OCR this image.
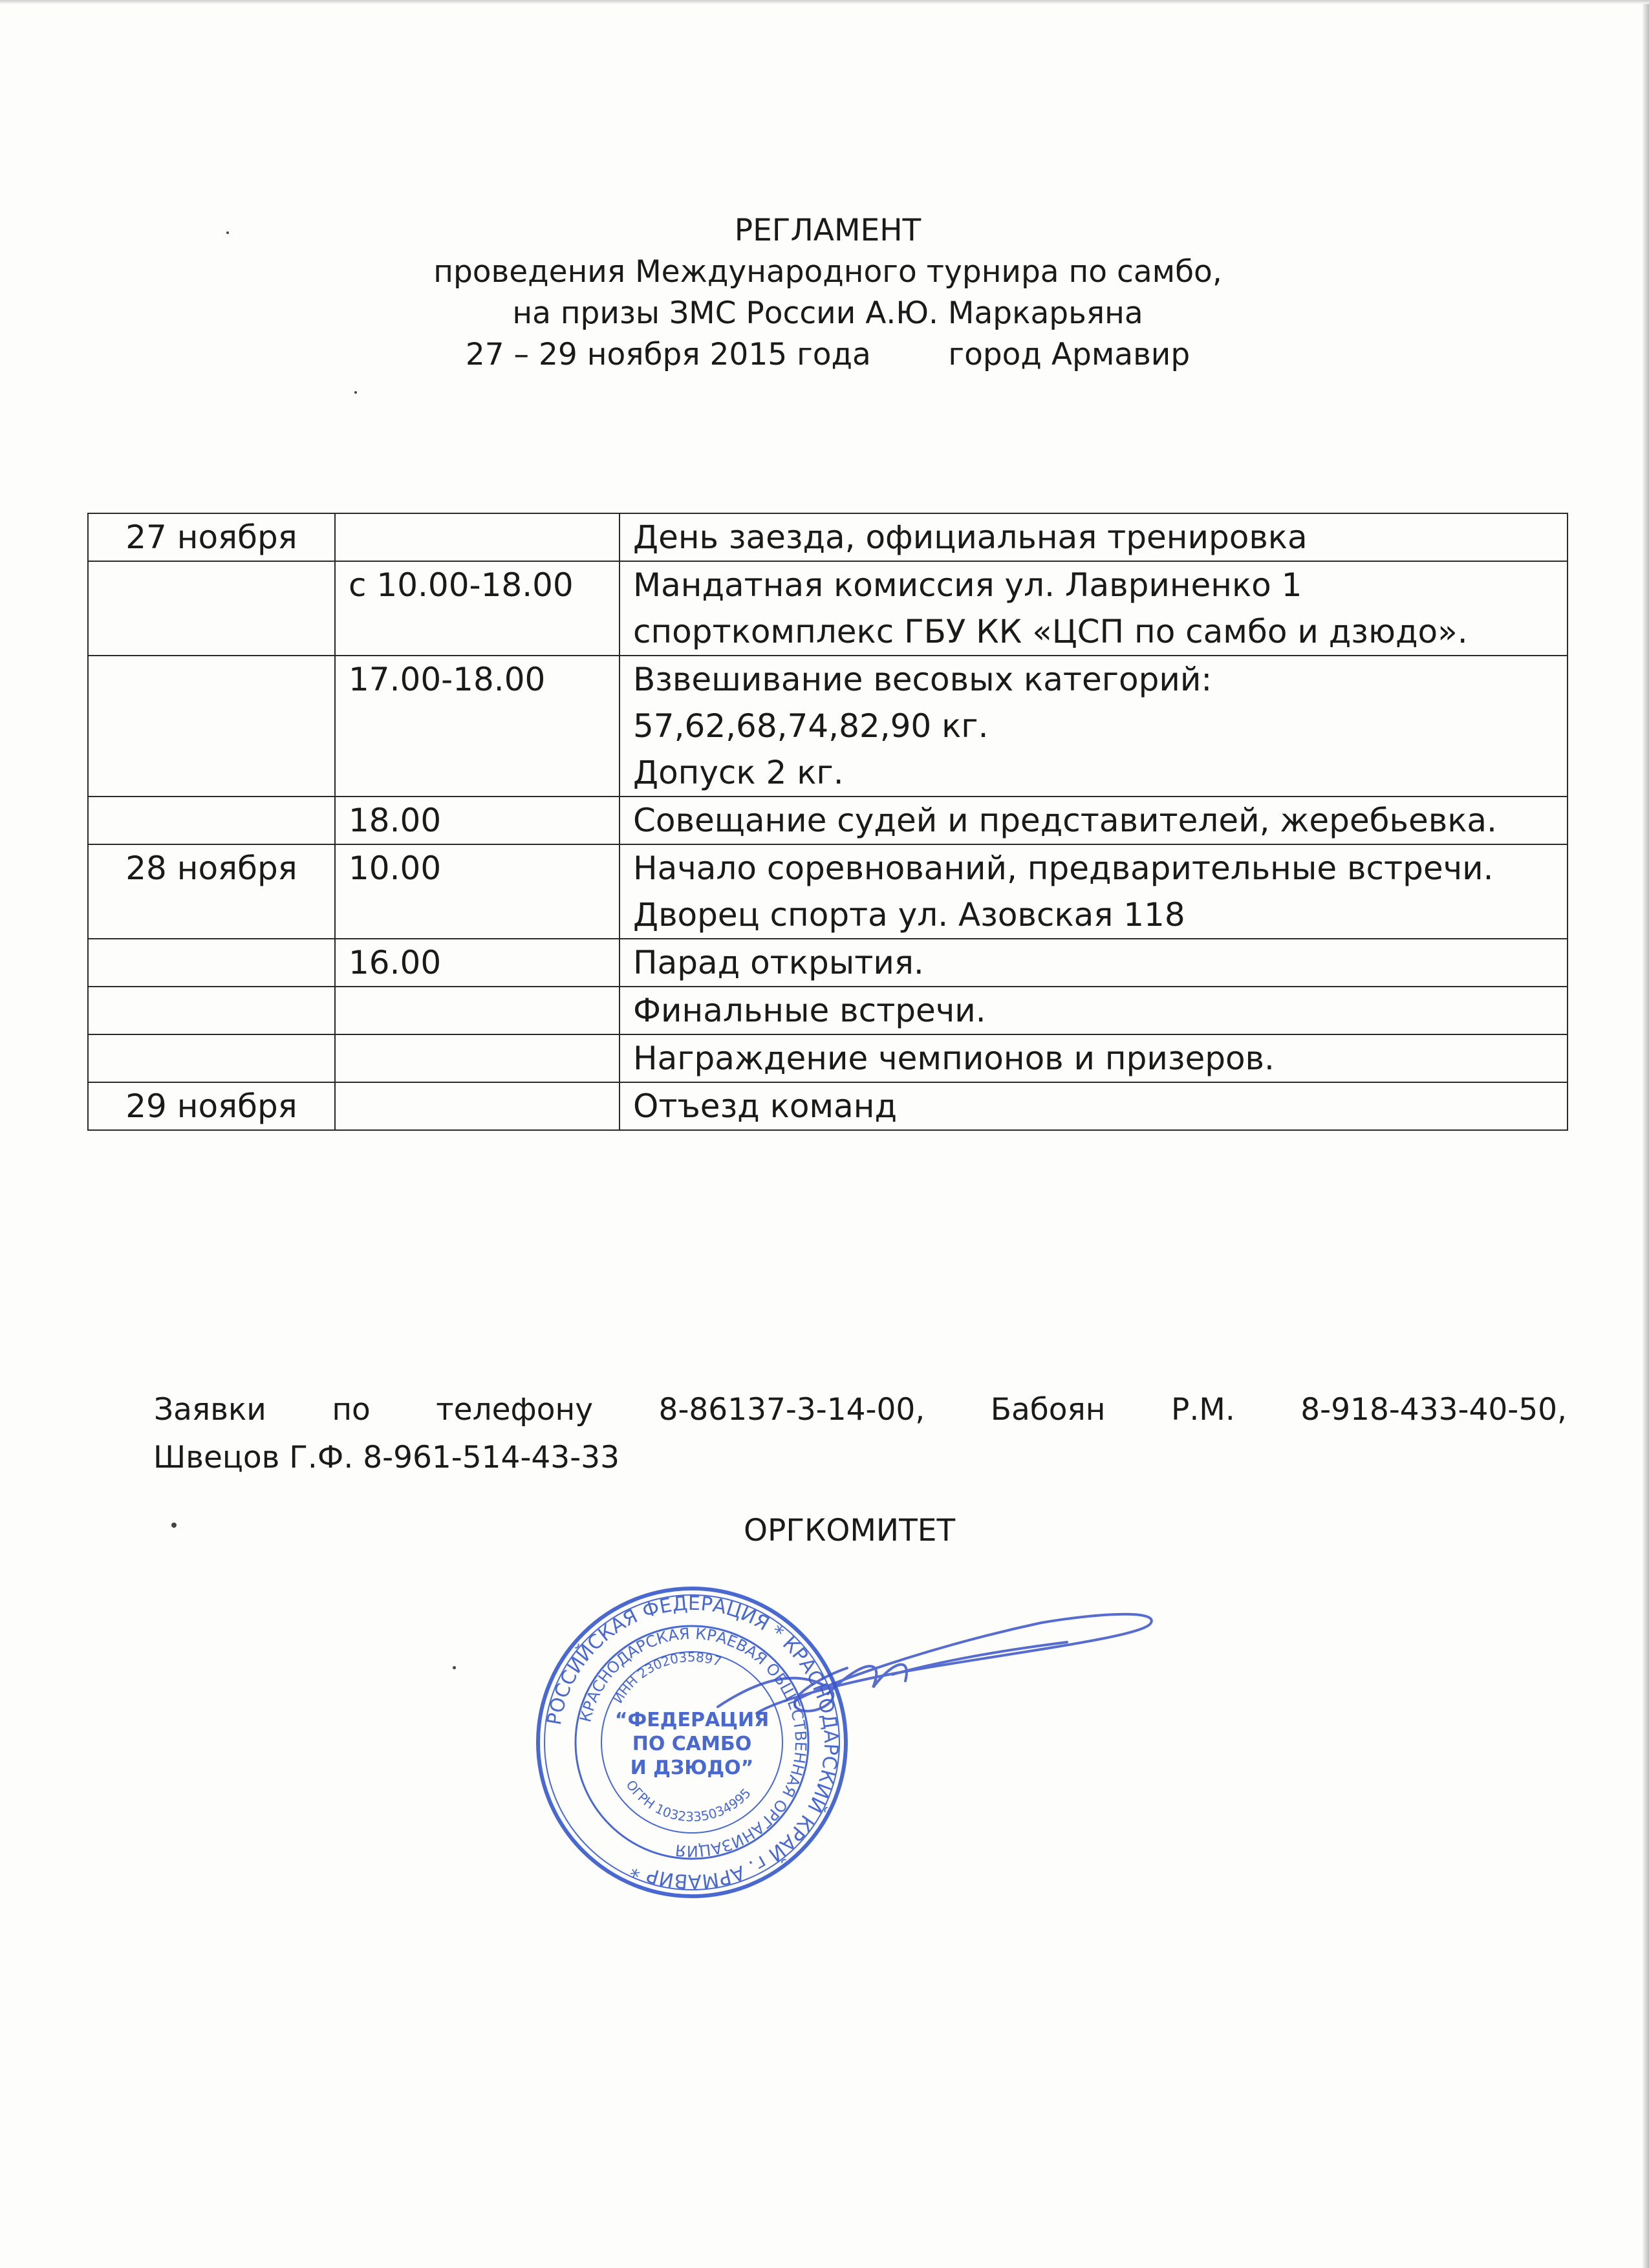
РЕГЛАМЕНТ
проведения Международного турнира по самбо,
на призы ЗМС России А.Ю. Маркарьяна
27 – 29 ноября 2015 года	город Армавир
27 ноября		День заезда, официальная тренировка

	с 10.00-18.00	Мандатная комиссия ул. Лавриненко 1
спорткомплекс ГБУ КК «ЦСП по самбо и дзюдо».

	17.00-18.00	Взвешивание весовых категорий:
57,62,68,74,82,90 кг.
Допуск 2 кг.

	18.00	Совещание судей и представителей, жеребьевка.

28 ноября	10.00	Начало соревнований, предварительные встречи.
Дворец спорта ул. Азовская 118

	16.00	Парад открытия.

		Финальные встречи.

		Награждение чемпионов и призеров.

29 ноября		Отъезд команд
Заявки по телефону 8-86137-3-14-00, Бабоян Р.М. 8-918-433-40-50,
Швецов Г.Ф. 8-961-514-43-33
ОРГКОМИТЕТ
РОССИЙСКАЯ ФЕДЕРАЦИЯ * КРАСНОДАРСКИЙ КРАЙ г. АРМАВИР *
КРАСНОДАРСКАЯ КРАЕВАЯ ОБЩЕСТВЕННАЯ ОРГАНИЗАЦИЯ
ИНН 2302035897
ОГРН 1032335034995
“ФЕДЕРАЦИЯ
ПО САМБО
И ДЗЮДО”
